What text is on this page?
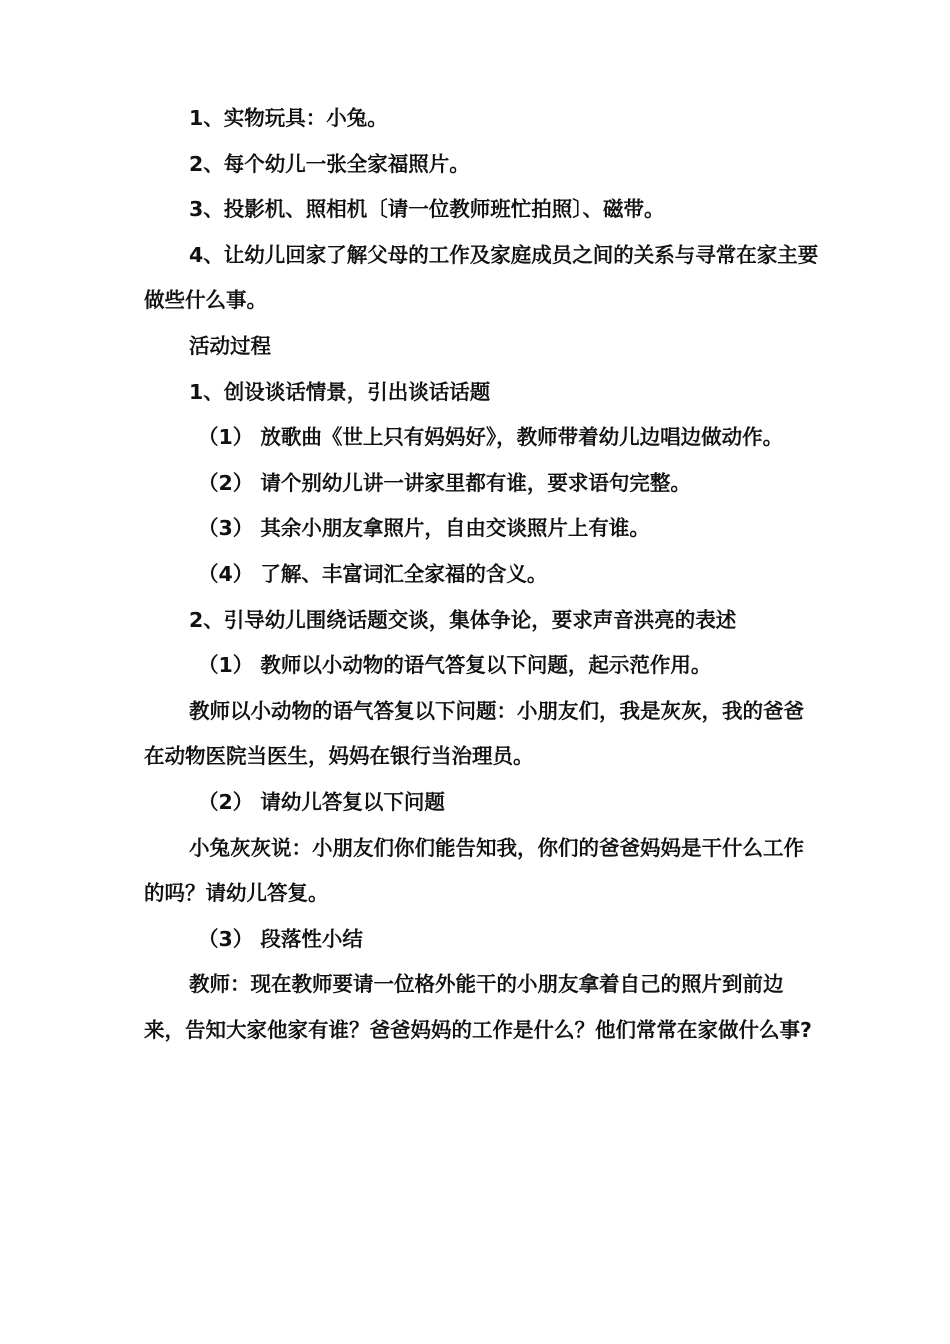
1、实物玩具：小兔。

2、每个幼儿一张全家福照片。

3、投影机、照相机〔请一位教师班忙拍照〕、磁带。

4、让幼儿回家了解父母的工作及家庭成员之间的关系与寻常在家主要做些什么事。

活动过程

1、创设谈话情景，引出谈话话题

（1） 放歌曲《世上只有妈妈好》，教师带着幼儿边唱边做动作。

（2） 请个别幼儿讲一讲家里都有谁，要求语句完整。

（3） 其余小朋友拿照片，自由交谈照片上有谁。

（4） 了解、丰富词汇全家福的含义。

2、引导幼儿围绕话题交谈，集体争论，要求声音洪亮的表述

（1） 教师以小动物的语气答复以下问题，起示范作用。

教师以小动物的语气答复以下问题：小朋友们，我是灰灰，我的爸爸在动物医院当医生，妈妈在银行当治理员。

（2） 请幼儿答复以下问题

小兔灰灰说：小朋友们你们能告知我，你们的爸爸妈妈是干什么工作的吗？请幼儿答复。

（3） 段落性小结

教师：现在教师要请一位格外能干的小朋友拿着自己的照片到前边来，告知大家他家有谁？爸爸妈妈的工作是什么？他们常常在家做什么事?
